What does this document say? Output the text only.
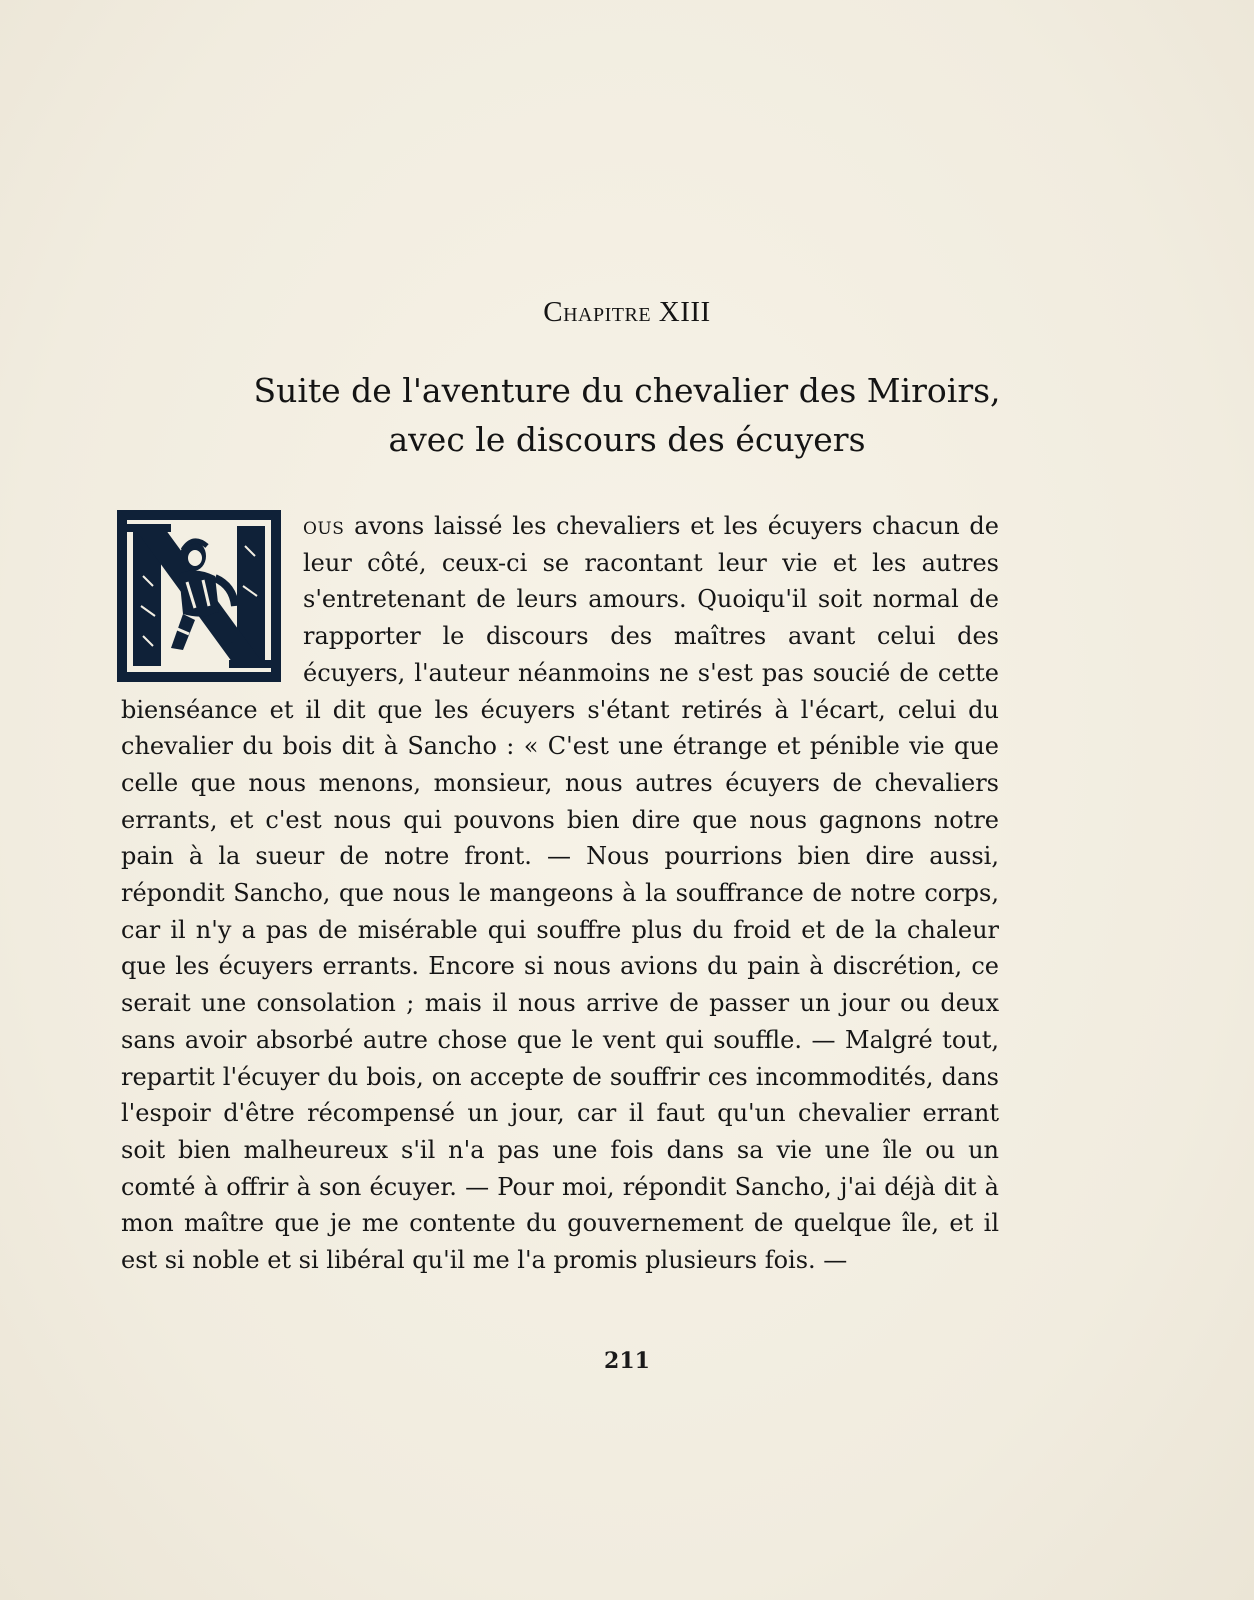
Chapitre XIII
Suite de l'aventure du chevalier des Miroirs,
avec le discours des écuyers
ous avons laissé les chevaliers et les écuyers chacun de leur côté, ceux-ci se racontant leur vie et les autres s'entretenant de leurs amours. Quoiqu'il soit normal de rapporter le discours des maîtres avant celui des écuyers, l'auteur néanmoins ne s'est pas soucié de cette bienséance et il dit que les écuyers s'étant retirés à l'écart, celui du chevalier du bois dit à Sancho : « C'est une étrange et pénible vie que celle que nous menons, monsieur, nous autres écuyers de chevaliers errants, et c'est nous qui pouvons bien dire que nous gagnons notre pain à la sueur de notre front. — Nous pourrions bien dire aussi, répondit Sancho, que nous le mangeons à la souffrance de notre corps, car il n'y a pas de misérable qui souffre plus du froid et de la chaleur que les écuyers errants. Encore si nous avions du pain à discrétion, ce serait une consolation ; mais il nous arrive de passer un jour ou deux sans avoir absorbé autre chose que le vent qui souffle. — Malgré tout, repartit l'écuyer du bois, on accepte de souffrir ces incommodités, dans l'espoir d'être récompensé un jour, car il faut qu'un chevalier errant soit bien malheureux s'il n'a pas une fois dans sa vie une île ou un comté à offrir à son écuyer. — Pour moi, répondit Sancho, j'ai déjà dit à mon maître que je me contente du gouvernement de quelque île, et il est si noble et si libéral qu'il me l'a promis plusieurs fois. —
211
